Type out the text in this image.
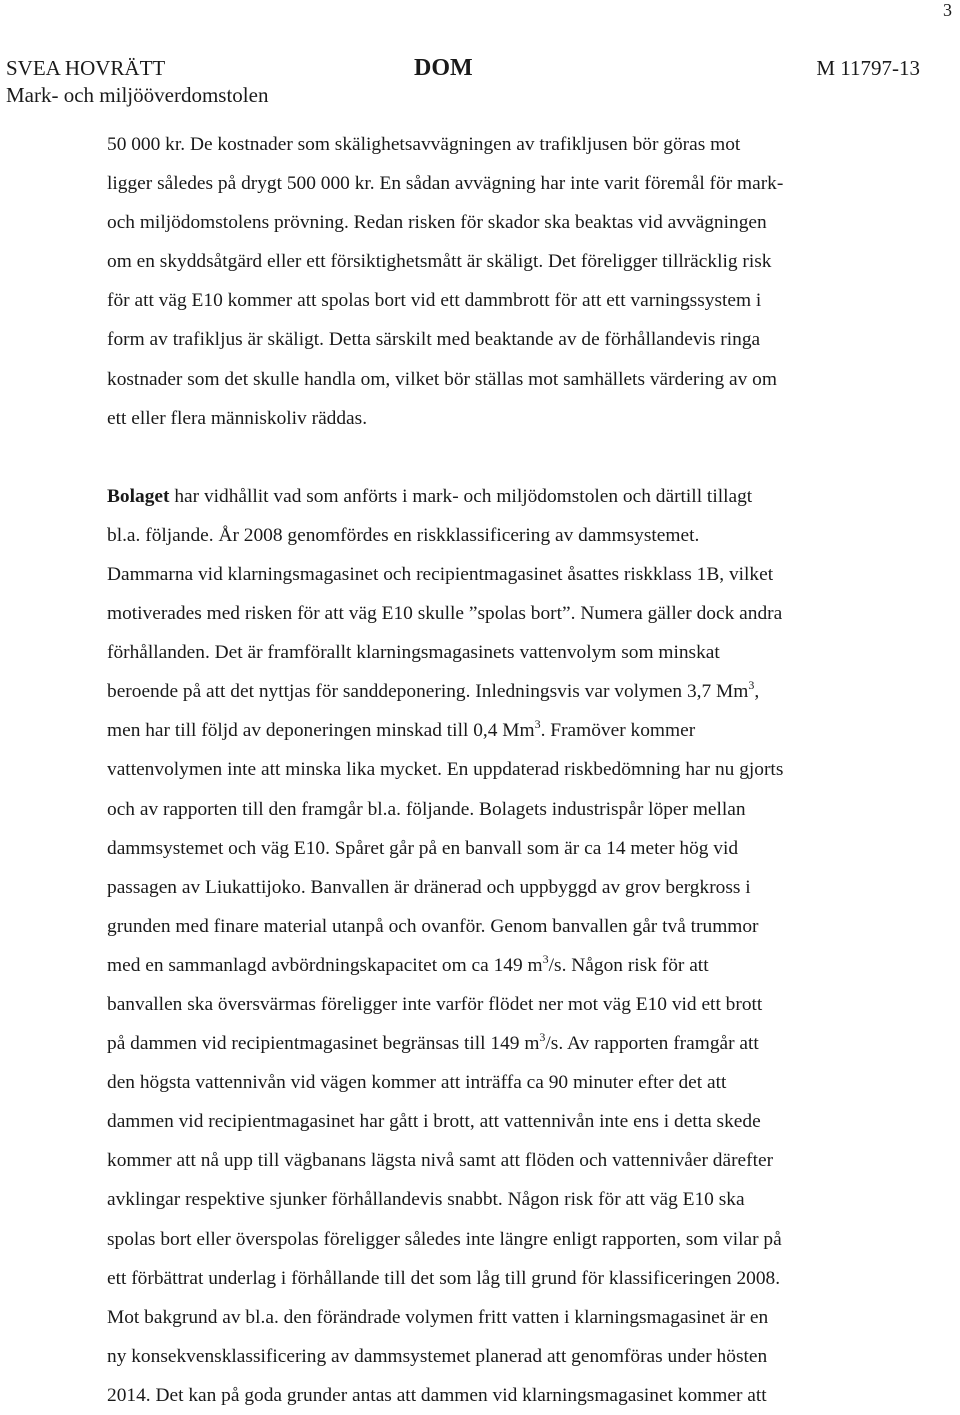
3
SVEA HOVRÄTT
Mark- och miljööverdomstolen
DOM	M 11797-13

50 000 kr. De kostnader som skälighetsavvägningen av trafikljusen bör göras mot
ligger således på drygt 500 000 kr. En sådan avvägning har inte varit föremål för mark-
och miljödomstolens prövning. Redan risken för skador ska beaktas vid avvägningen
om en skyddsåtgärd eller ett försiktighetsmått är skäligt. Det föreligger tillräcklig risk
för att väg E10 kommer att spolas bort vid ett dammbrott för att ett varningssystem i
form av trafikljus är skäligt. Detta särskilt med beaktande av de förhållandevis ringa
kostnader som det skulle handla om, vilket bör ställas mot samhällets värdering av om
ett eller flera människoliv räddas.

Bolaget har vidhållit vad som anförts i mark- och miljödomstolen och därtill tillagt
bl.a. följande. År 2008 genomfördes en riskklassificering av dammsystemet.
Dammarna vid klarningsmagasinet och recipientmagasinet åsattes riskklass 1B, vilket
motiverades med risken för att väg E10 skulle ”spolas bort”. Numera gäller dock andra
förhållanden. Det är framförallt klarningsmagasinets vattenvolym som minskat
beroende på att det nyttjas för sanddeponering. Inledningsvis var volymen 3,7 Mm$^3$,
men har till följd av deponeringen minskad till 0,4 Mm$^3$. Framöver kommer
vattenvolymen inte att minska lika mycket. En uppdaterad riskbedömning har nu gjorts
och av rapporten till den framgår bl.a. följande. Bolagets industrispår löper mellan
dammsystemet och väg E10. Spåret går på en banvall som är ca 14 meter hög vid
passagen av Liukattijoko. Banvallen är dränerad och uppbyggd av grov bergkross i
grunden med finare material utanpå och ovanför. Genom banvallen går två trummor
med en sammanlagd avbördningskapacitet om ca 149 $m^3/s$. Någon risk för att
banvallen ska översvärmas föreligger inte varför flödet ner mot väg E10 vid ett brott
på dammen vid recipientmagasinet begränsas till 149 $m^3/s$. Av rapporten framgår att
den högsta vattennivån vid vägen kommer att inträffa ca 90 minuter efter det att
dammen vid recipientmagasinet har gått i brott, att vattennivån inte ens i detta skede
kommer att nå upp till vägbanans lägsta nivå samt att flöden och vattennivåer därefter
avklingar respektive sjunker förhållandevis snabbt. Någon risk för att väg E10 ska
spolas bort eller överspolas föreligger således inte längre enligt rapporten, som vilar på
ett förbättrat underlag i förhållande till det som låg till grund för klassificeringen 2008.
Mot bakgrund av bl.a. den förändrade volymen fritt vatten i klarningsmagasinet är en
ny konsekvensklassificering av dammsystemet planerad att genomföras under hösten
2014. Det kan på goda grunder antas att dammen vid klarningsmagasinet kommer att
